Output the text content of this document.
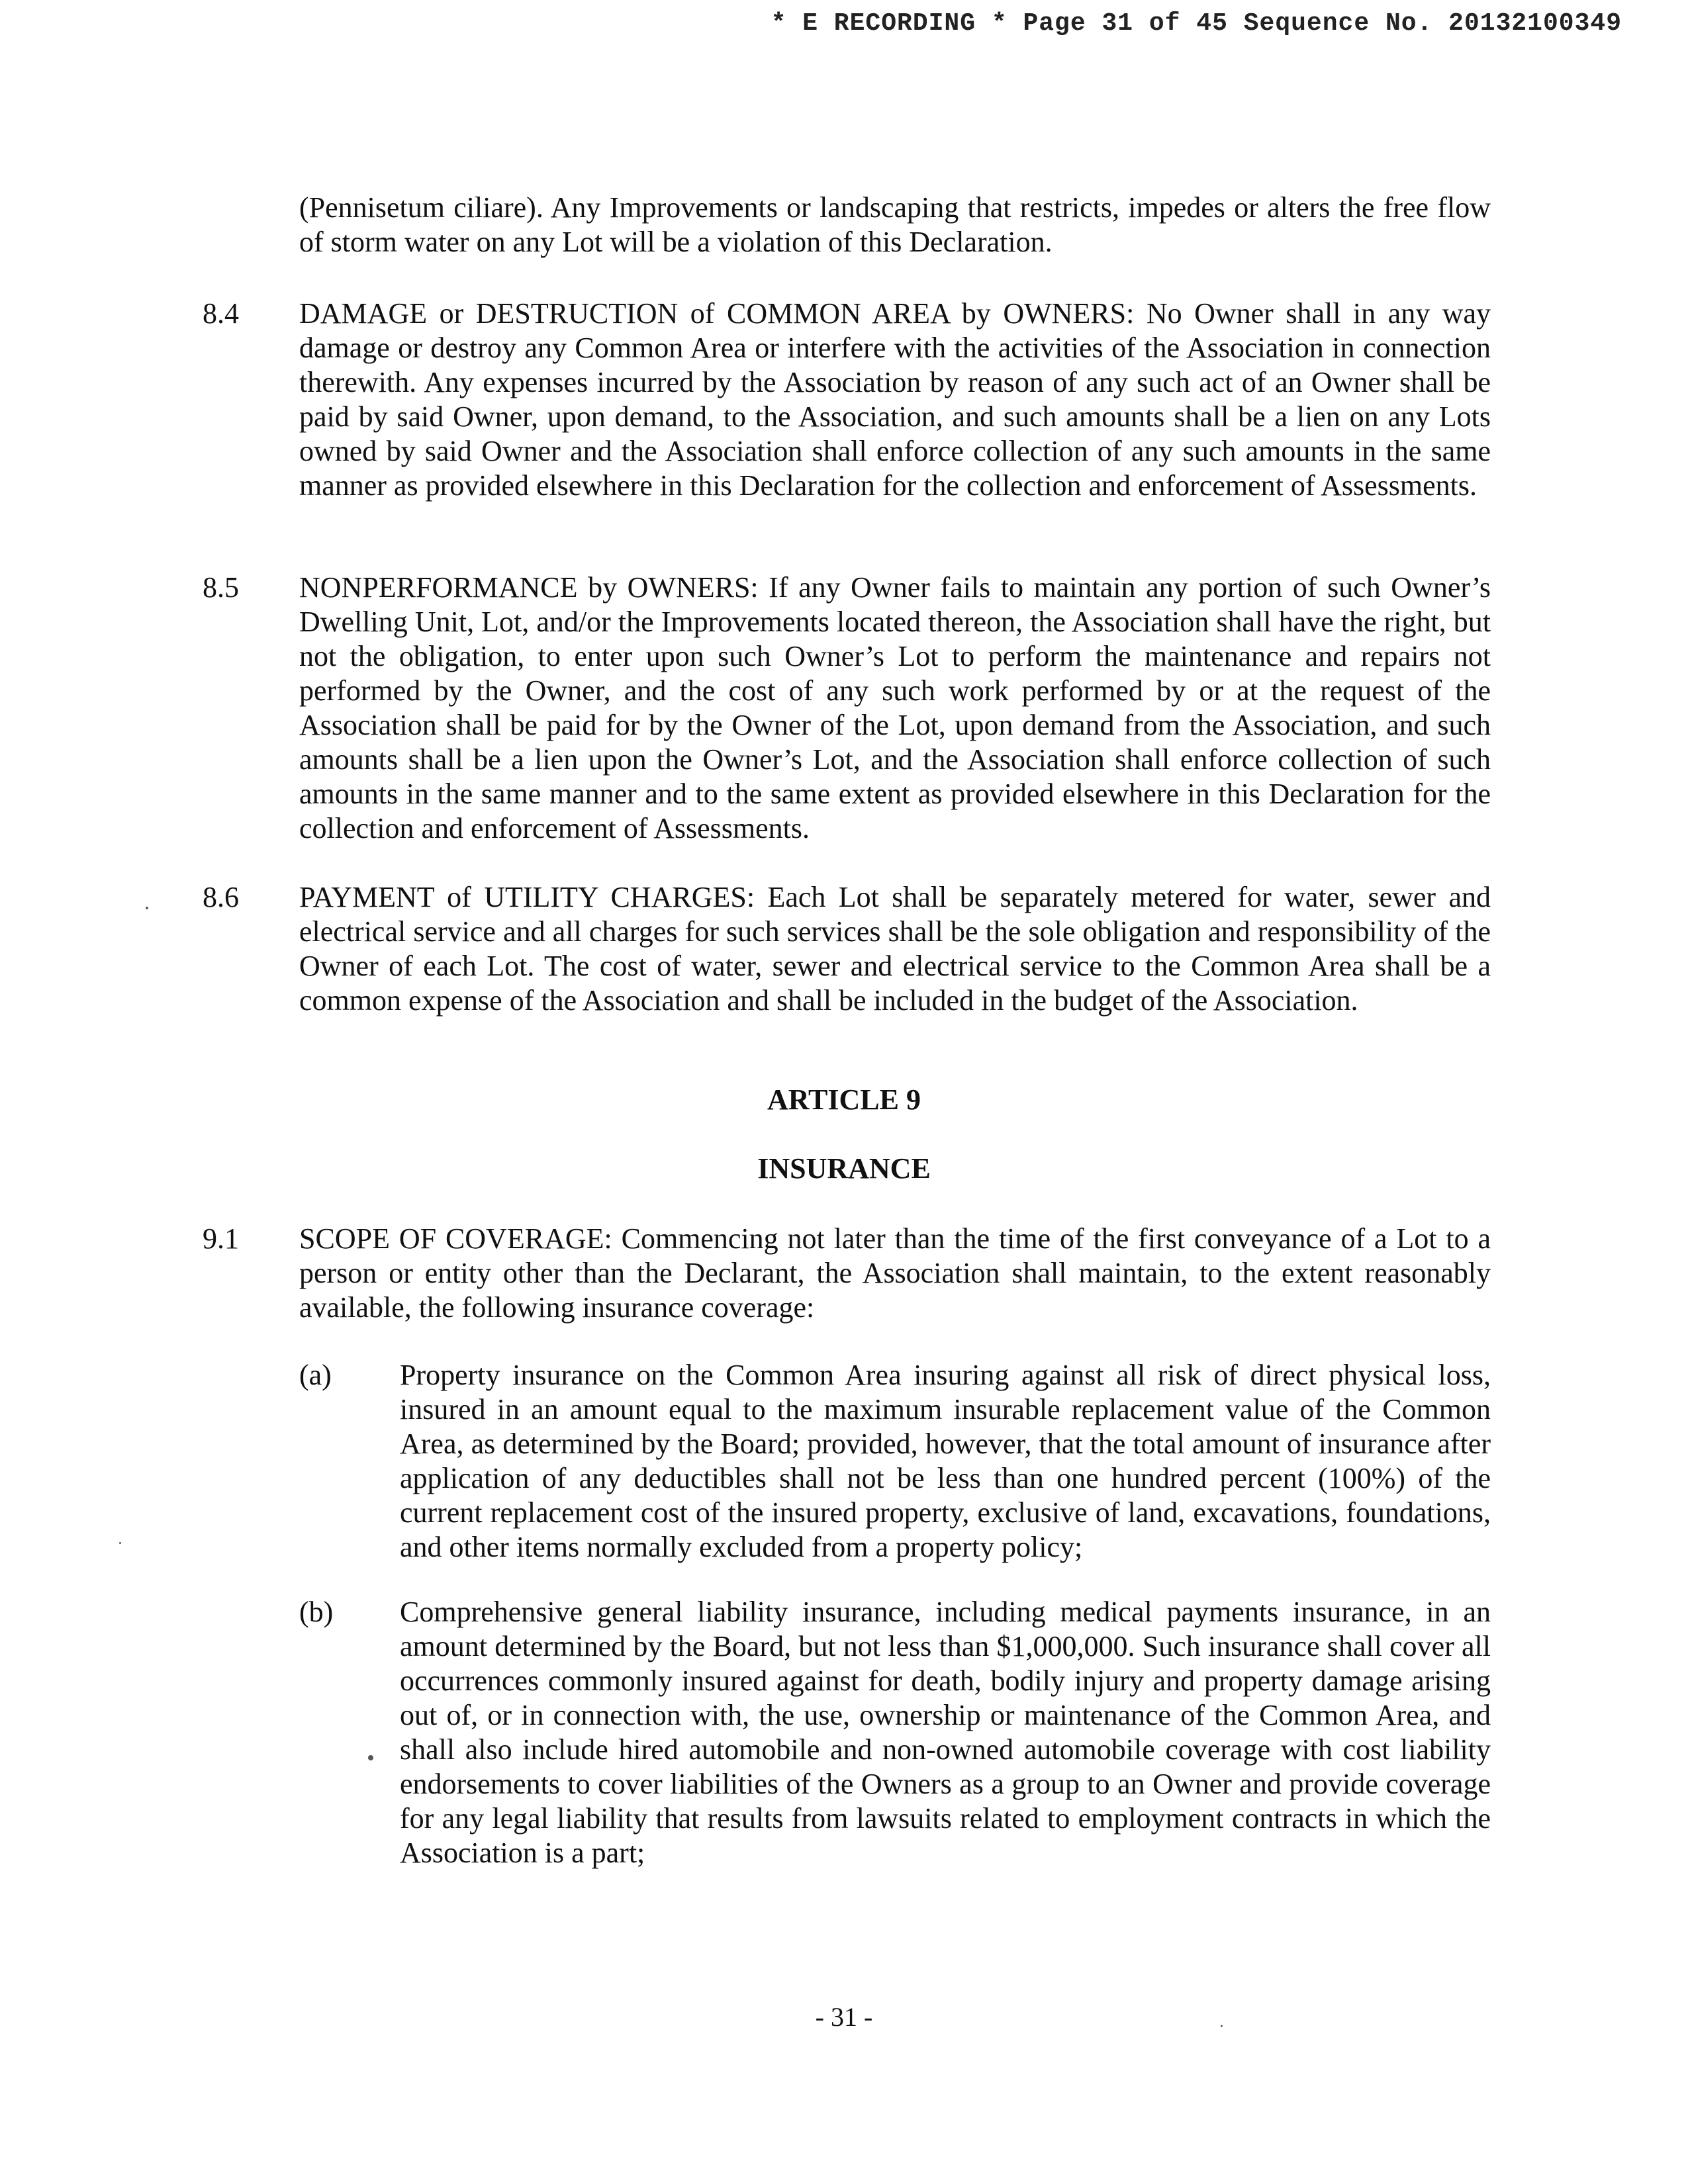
* E RECORDING * Page 31 of 45 Sequence No. 20132100349
(Pennisetum ciliare). Any Improvements or landscaping that restricts, impedes or alters the free flow of storm water on any Lot will be a violation of this Declaration.
8.4 DAMAGE or DESTRUCTION of COMMON AREA by OWNERS: No Owner shall in any way damage or destroy any Common Area or interfere with the activities of the Association in connection therewith. Any expenses incurred by the Association by reason of any such act of an Owner shall be paid by said Owner, upon demand, to the Association, and such amounts shall be a lien on any Lots owned by said Owner and the Association shall enforce collection of any such amounts in the same manner as provided elsewhere in this Declaration for the collection and enforcement of Assessments.
8.5 NONPERFORMANCE by OWNERS: If any Owner fails to maintain any portion of such Owner’s Dwelling Unit, Lot, and/or the Improvements located thereon, the Association shall have the right, but not the obligation, to enter upon such Owner’s Lot to perform the maintenance and repairs not performed by the Owner, and the cost of any such work performed by or at the request of the Association shall be paid for by the Owner of the Lot, upon demand from the Association, and such amounts shall be a lien upon the Owner’s Lot, and the Association shall enforce collection of such amounts in the same manner and to the same extent as provided elsewhere in this Declaration for the collection and enforcement of Assessments.
8.6 PAYMENT of UTILITY CHARGES: Each Lot shall be separately metered for water, sewer and electrical service and all charges for such services shall be the sole obligation and responsibility of the Owner of each Lot. The cost of water, sewer and electrical service to the Common Area shall be a common expense of the Association and shall be included in the budget of the Association.
ARTICLE 9
INSURANCE
9.1 SCOPE OF COVERAGE: Commencing not later than the time of the first conveyance of a Lot to a person or entity other than the Declarant, the Association shall maintain, to the extent reasonably available, the following insurance coverage:
(a) Property insurance on the Common Area insuring against all risk of direct physical loss, insured in an amount equal to the maximum insurable replacement value of the Common Area, as determined by the Board; provided, however, that the total amount of insurance after application of any deductibles shall not be less than one hundred percent (100%) of the current replacement cost of the insured property, exclusive of land, excavations, foundations, and other items normally excluded from a property policy;
(b) Comprehensive general liability insurance, including medical payments insurance, in an amount determined by the Board, but not less than $1,000,000. Such insurance shall cover all occurrences commonly insured against for death, bodily injury and property damage arising out of, or in connection with, the use, ownership or maintenance of the Common Area, and shall also include hired automobile and non-owned automobile coverage with cost liability endorsements to cover liabilities of the Owners as a group to an Owner and provide coverage for any legal liability that results from lawsuits related to employment contracts in which the Association is a part;
- 31 -
